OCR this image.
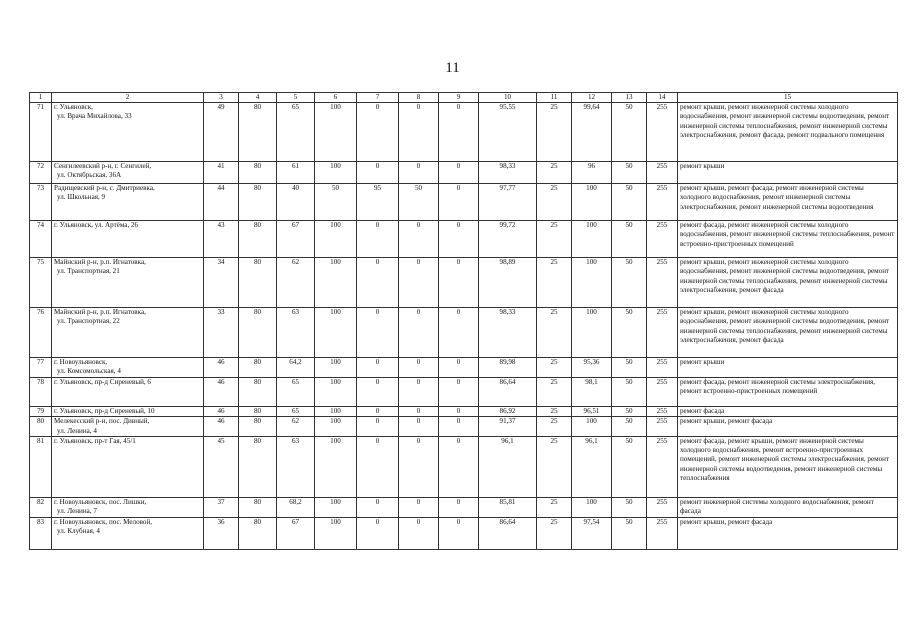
11
1	2	3	4	5	6	7	8	9	10	11	12	13	14	15
71	г. Ульяновск,
ул. Врача Михайлова, 33	49	80	65	100	0	0	0	95,55	25	99,64	50	255	ремонт крыши, ремонт инженерной системы холодного водоснабжения, ремонт инженерной системы водоотведения, ремонт инженерной системы теплоснабжения, ремонт инженерной системы электроснабжения, ремонт фасада, ремонт подвального помещения
72	Сенгилеевский р-н, г. Сенгилей,
ул. Октябрьская, 36А	41	80	61	100	0	0	0	98,33	25	96	50	255	ремонт крыши
73	Радищевский р-н, с. Дмитриевка,
ул. Школьная, 9	44	80	40	50	95	50	0	97,77	25	100	50	255	ремонт крыши, ремонт фасада, ремонт инженерной системы холодного водоснабжения, ремонт инженерной системы электроснабжения, ремонт инженерной системы водоотведения
74	г. Ульяновск, ул. Артёма, 26	43	80	67	100	0	0	0	99,72	25	100	50	255	ремонт фасада, ремонт инженерной системы холодного водоснабжения, ремонт инженерной системы теплоснабжения, ремонт встроенно-пристроенных помещений
75	Майнский р-н, р.п. Игнатовка,
ул. Транспортная, 21	34	80	62	100	0	0	0	98,89	25	100	50	255	ремонт крыши, ремонт инженерной системы холодного водоснабжения, ремонт инженерной системы водоотведения, ремонт инженерной системы теплоснабжения, ремонт инженерной системы электроснабжения, ремонт фасада
76	Майнский р-н, р.п. Игнатовка,
ул. Транспортная, 22	33	80	63	100	0	0	0	98,33	25	100	50	255	ремонт крыши, ремонт инженерной системы холодного водоснабжения, ремонт инженерной системы водоотведения, ремонт инженерной системы теплоснабжения, ремонт инженерной системы электроснабжения, ремонт фасада
77	г. Новоульяновск,
ул. Комсомольская, 4	46	80	64,2	100	0	0	0	89,98	25	95,36	50	255	ремонт крыши
78	г. Ульяновск, пр-д Сиреневый, 6	46	80	65	100	0	0	0	86,64	25	98,1	50	255	ремонт фасада, ремонт инженерной системы электроснабжения, ремонт встроенно-пристроенных помещений
79	г. Ульяновск, пр-д Сиреневый, 10	46	80	65	100	0	0	0	86,92	25	96,51	50	255	ремонт фасада
80	Мелекесский р-н, пос. Дивный,
ул. Ленина, 4	46	80	62	100	0	0	0	91,37	25	100	50	255	ремонт крыши, ремонт фасада
81	г. Ульяновск, пр-т Гая, 45/1	45	80	63	100	0	0	0	96,1	25	96,1	50	255	ремонт фасада, ремонт крыши, ремонт инженерной системы холодного водоснабжения, ремонт встроенно-пристроенных помещений, ремонт инженерной системы электроснабжения, ремонт инженерной системы водоотведения, ремонт инженерной системы теплоснабжения
82	г. Новоульяновск, пос. Лишки,
ул. Ленина, 7	37	80	68,2	100	0	0	0	85,81	25	100	50	255	ремонт инженерной системы холодного водоснабжения, ремонт фасада
83	г. Новоульяновск, пос. Меловой,
ул. Клубная, 4	36	80	67	100	0	0	0	86,64	25	97,54	50	255	ремонт крыши, ремонт фасада
